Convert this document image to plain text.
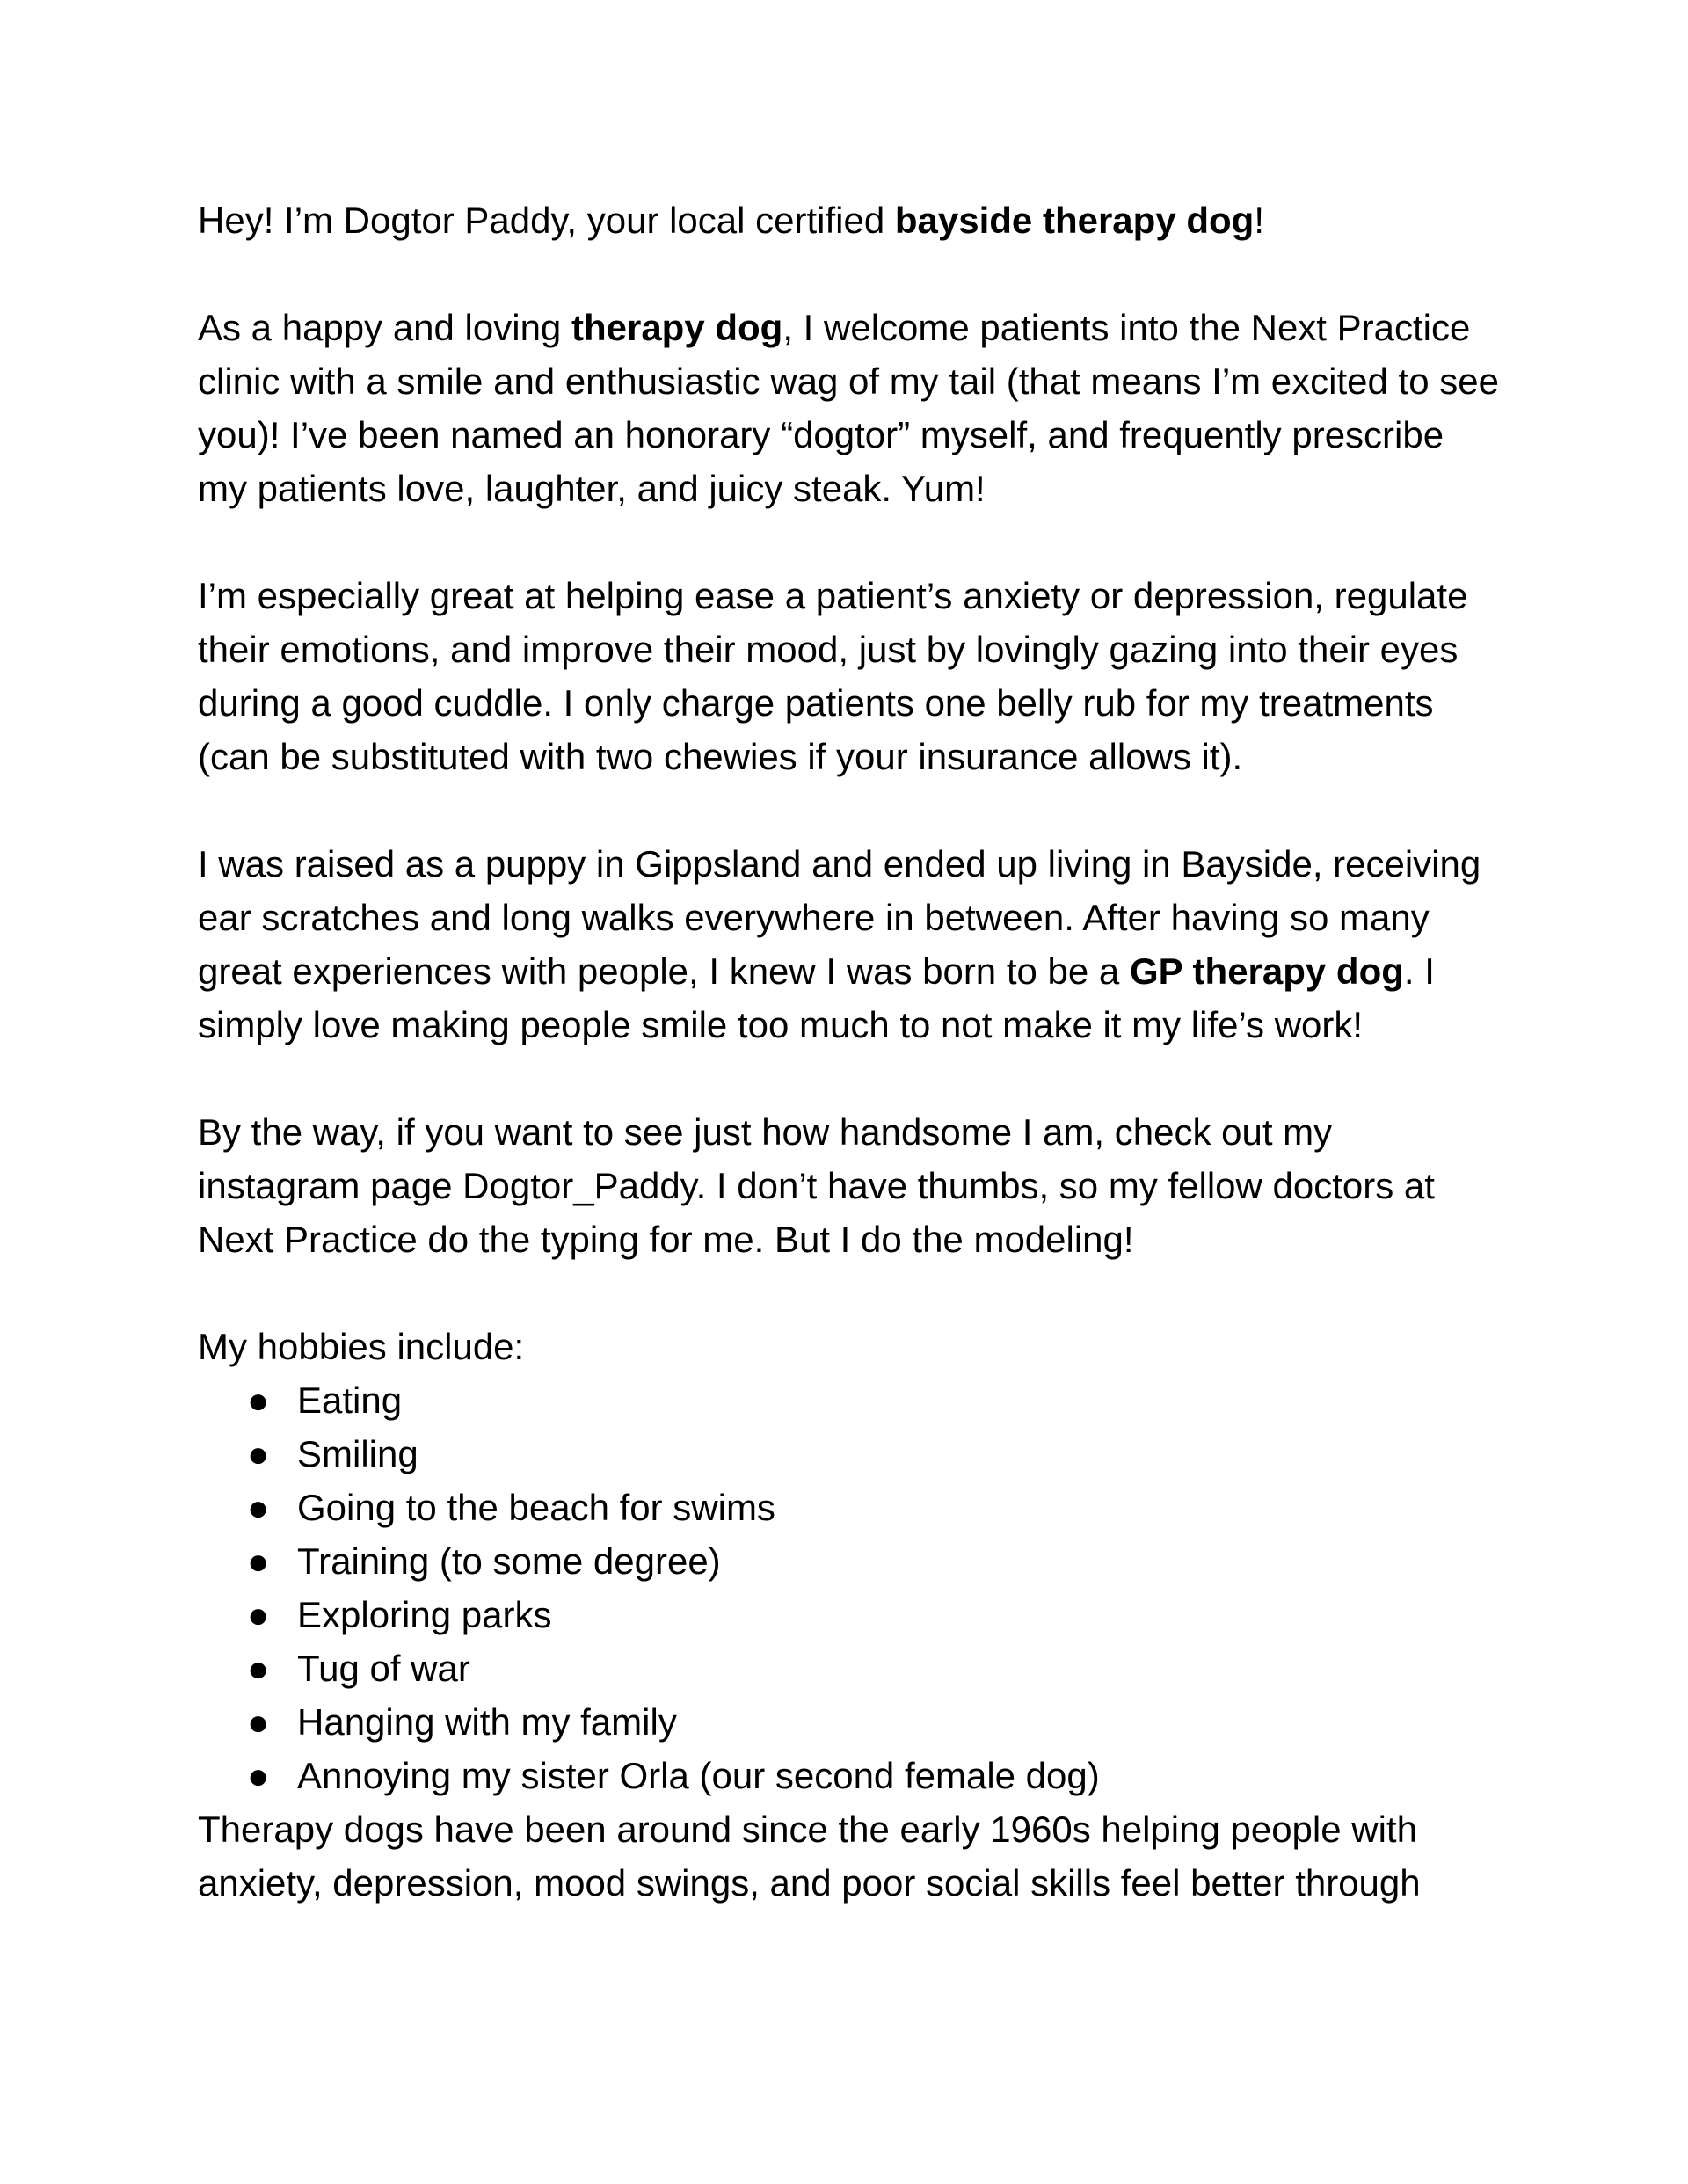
Hey! I’m Dogtor Paddy, your local certified bayside therapy dog!

As a happy and loving therapy dog, I welcome patients into the Next Practice clinic with a smile and enthusiastic wag of my tail (that means I’m excited to see you)! I’ve been named an honorary “dogtor” myself, and frequently prescribe my patients love, laughter, and juicy steak. Yum!

I’m especially great at helping ease a patient’s anxiety or depression, regulate their emotions, and improve their mood, just by lovingly gazing into their eyes during a good cuddle. I only charge patients one belly rub for my treatments (can be substituted with two chewies if your insurance allows it).

I was raised as a puppy in Gippsland and ended up living in Bayside, receiving ear scratches and long walks everywhere in between. After having so many great experiences with people, I knew I was born to be a GP therapy dog. I simply love making people smile too much to not make it my life’s work!

By the way, if you want to see just how handsome I am, check out my instagram page Dogtor_Paddy. I don’t have thumbs, so my fellow doctors at Next Practice do the typing for me. But I do the modeling!

My hobbies include:

● Eating
● Smiling
● Going to the beach for swims
● Training (to some degree)
● Exploring parks
● Tug of war
● Hanging with my family
● Annoying my sister Orla (our second female dog)

Therapy dogs have been around since the early 1960s helping people with anxiety, depression, mood swings, and poor social skills feel better through
